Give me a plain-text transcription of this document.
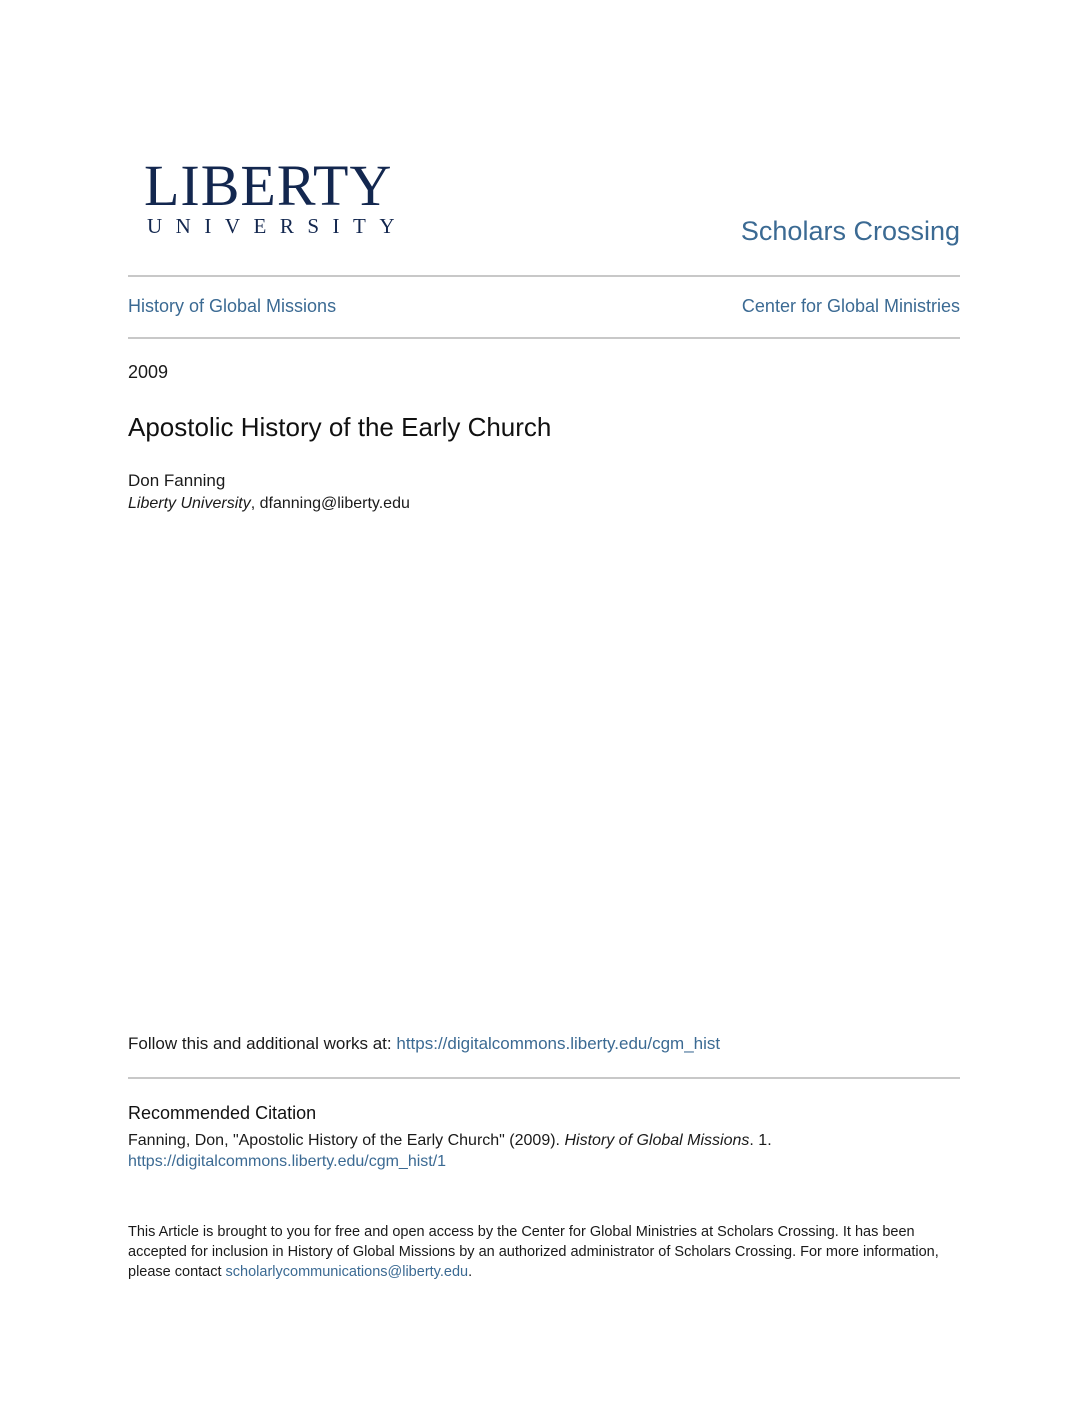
LIBERTY
UNIVERSITY	Scholars Crossing
History of Global Missions	Center for Global Ministries
2009
Apostolic History of the Early Church
Don Fanning
Liberty University, dfanning@liberty.edu
Follow this and additional works at: https://digitalcommons.liberty.edu/cgm_hist
Recommended Citation
Fanning, Don, "Apostolic History of the Early Church" (2009). History of Global Missions. 1.
https://digitalcommons.liberty.edu/cgm_hist/1
This Article is brought to you for free and open access by the Center for Global Ministries at Scholars Crossing. It has been accepted for inclusion in History of Global Missions by an authorized administrator of Scholars Crossing. For more information, please contact scholarlycommunications@liberty.edu.
